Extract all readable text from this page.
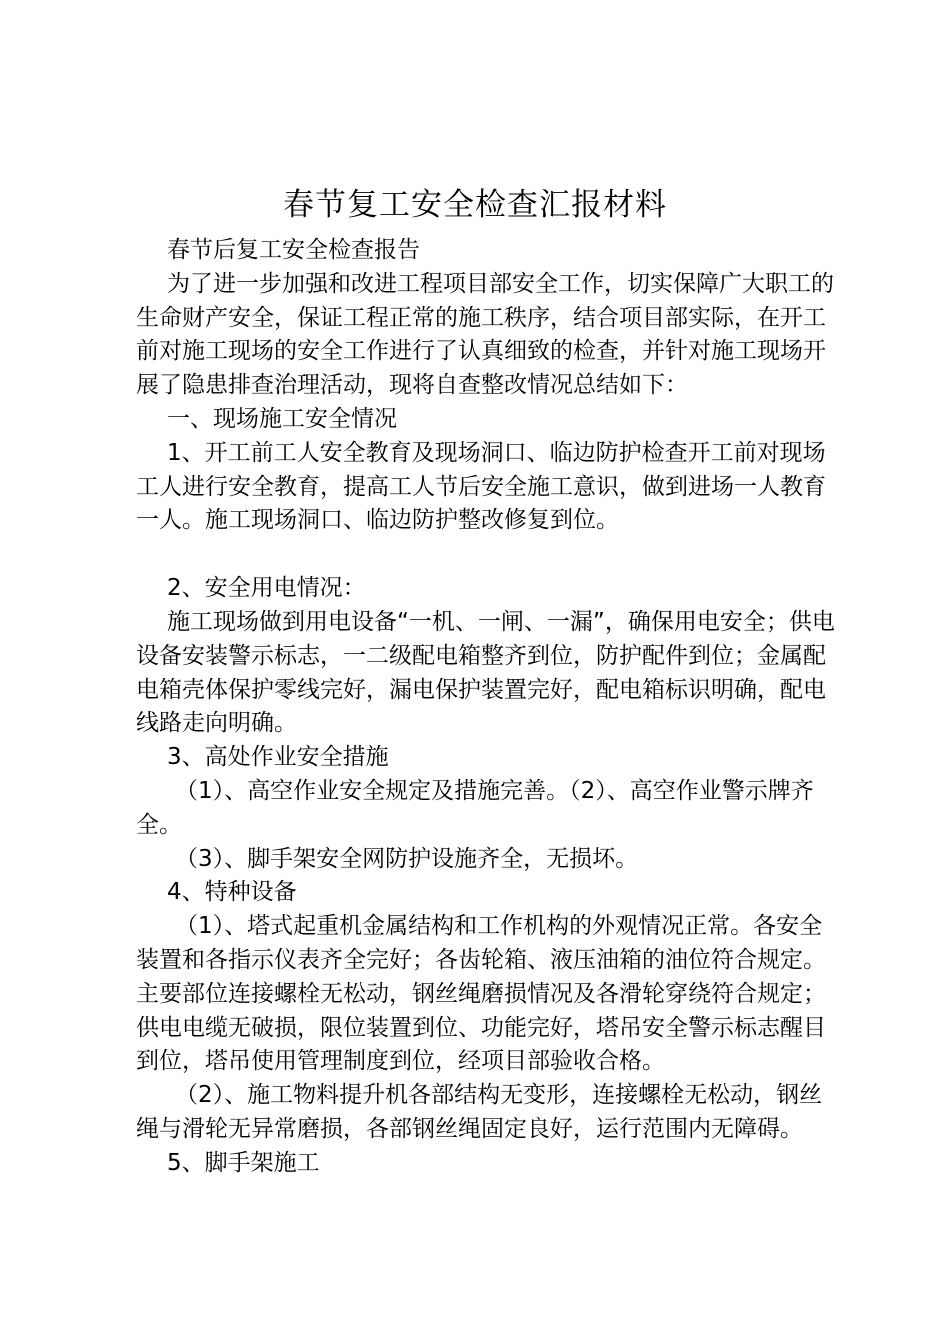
春节复工安全检查汇报材料

春节后复工安全检查报告

为了进一步加强和改进工程项目部安全工作，切实保障广大职工的生命财产安全，保证工程正常的施工秩序，结合项目部实际，在开工前对施工现场的安全工作进行了认真细致的检查，并针对施工现场开展了隐患排查治理活动，现将自查整改情况总结如下：

一、现场施工安全情况

1、开工前工人安全教育及现场洞口、临边防护检查开工前对现场工人进行安全教育，提高工人节后安全施工意识，做到进场一人教育一人。施工现场洞口、临边防护整改修复到位。

2、安全用电情况：

施工现场做到用电设备“一机、一闸、一漏”，确保用电安全；供电设备安装警示标志，一二级配电箱整齐到位，防护配件到位；金属配电箱壳体保护零线完好，漏电保护装置完好，配电箱标识明确，配电线路走向明确。

3、高处作业安全措施

（1）、高空作业安全规定及措施完善。（2）、高空作业警示牌齐全。

（3）、脚手架安全网防护设施齐全，无损坏。

4、特种设备

（1）、塔式起重机金属结构和工作机构的外观情况正常。各安全装置和各指示仪表齐全完好；各齿轮箱、液压油箱的油位符合规定。主要部位连接螺栓无松动，钢丝绳磨损情况及各滑轮穿绕符合规定；供电电缆无破损，限位装置到位、功能完好，塔吊安全警示标志醒目到位，塔吊使用管理制度到位，经项目部验收合格。

（2）、施工物料提升机各部结构无变形，连接螺栓无松动，钢丝绳与滑轮无异常磨损，各部钢丝绳固定良好，运行范围内无障碍。

5、脚手架施工
